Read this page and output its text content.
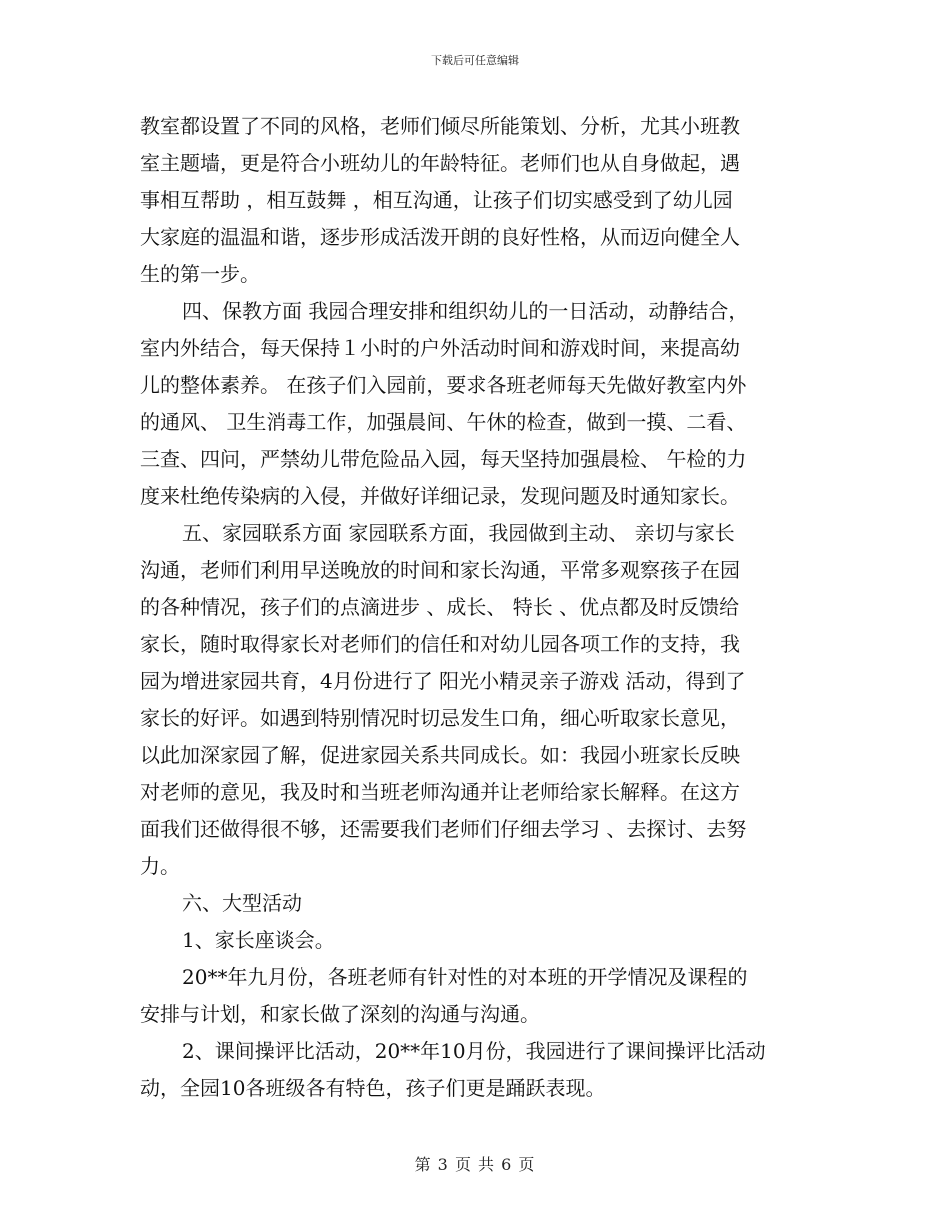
下载后可任意编辑
教室都设置了不同的风格，老师们倾尽所能策划、分析，尤其小班教
室主题墙，更是符合小班幼儿的年龄特征。老师们也从自身做起，遇
事相互帮助 ，相互鼓舞 ，相互沟通，让孩子们切实感受到了幼儿园
大家庭的温温和谐，逐步形成活泼开朗的良好性格，从而迈向健全人
生的第一步。
四、保教方面 我园合理安排和组织幼儿的一日活动，动静结合，
室内外结合，每天保持１小时的户外活动时间和游戏时间，来提高幼
儿的整体素养。 在孩子们入园前，要求各班老师每天先做好教室内外
的通风、 卫生消毒工作，加强晨间、午休的检查，做到一摸、二看、
三查、四问，严禁幼儿带危险品入园，每天坚持加强晨检、 午检的力
度来杜绝传染病的入侵，并做好详细记录，发现问题及时通知家长。
五、家园联系方面 家园联系方面，我园做到主动、 亲切与家长
沟通，老师们利用早送晚放的时间和家长沟通，平常多观察孩子在园
的各种情况，孩子们的点滴进步 、成长、 特长 、优点都及时反馈给
家长，随时取得家长对老师们的信任和对幼儿园各项工作的支持，我
园为增进家园共育，4月份进行了 阳光小精灵亲子游戏 活动，得到了
家长的好评。如遇到特别情况时切忌发生口角，细心听取家长意见，
以此加深家园了解，促进家园关系共同成长。如：我园小班家长反映
对老师的意见，我及时和当班老师沟通并让老师给家长解释。在这方
面我们还做得很不够，还需要我们老师们仔细去学习 、去探讨、去努
力。
六、大型活动
1、家长座谈会。
20**年九月份，各班老师有针对性的对本班的开学情况及课程的
安排与计划，和家长做了深刻的沟通与沟通。
2、课间操评比活动，20**年10月份，我园进行了课间操评比活动
动，全园10各班级各有特色，孩子们更是踊跃表现。
第 3 页 共 6 页
